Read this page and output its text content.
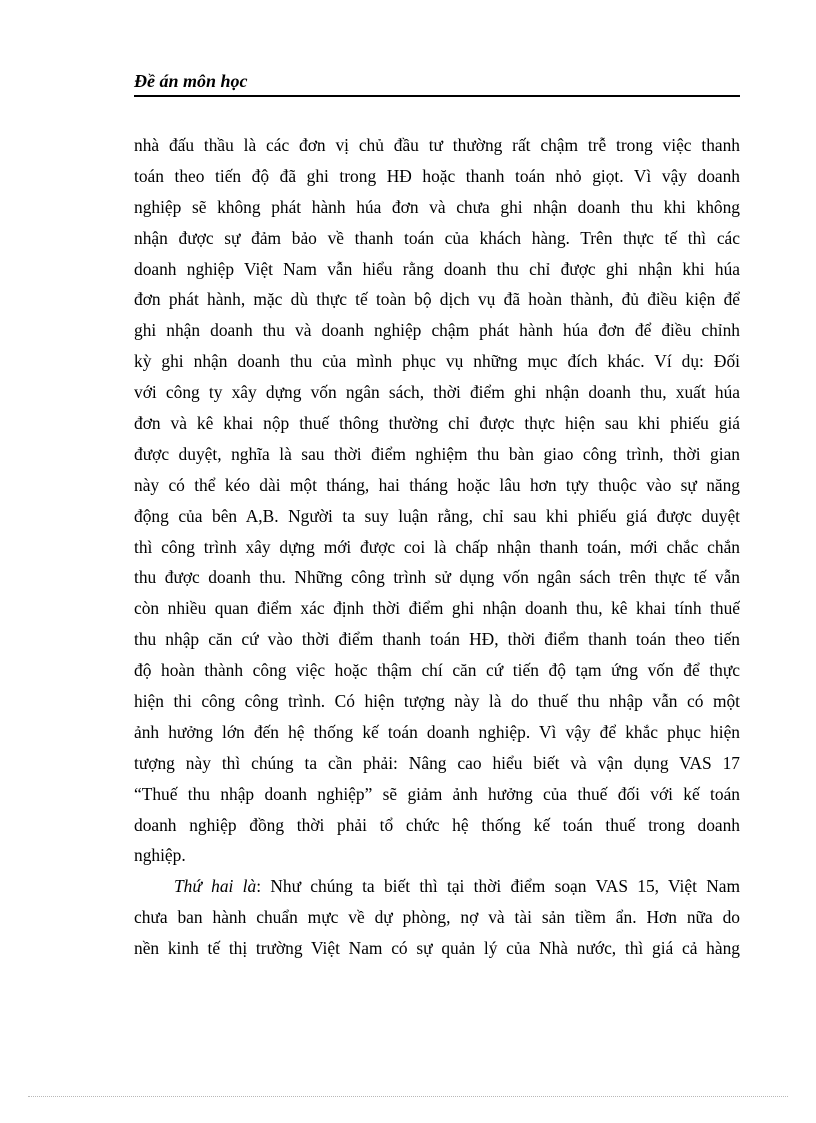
Đề án môn học
nhà đấu thầu là các đơn vị chủ đầu tư thường rất chậm trễ trong việc thanh
toán theo tiến độ đã ghi trong HĐ hoặc thanh toán nhỏ giọt. Vì vậy doanh
nghiệp sẽ không phát hành húa đơn và chưa ghi nhận doanh thu khi không
nhận được sự đảm bảo về thanh toán của khách hàng. Trên thực tế thì các
doanh nghiệp Việt Nam vẫn hiểu rằng doanh thu chỉ được ghi nhận khi húa
đơn phát hành, mặc dù thực tế toàn bộ dịch vụ đã hoàn thành, đủ điều kiện để
ghi nhận doanh thu và doanh nghiệp chậm phát hành húa đơn để điều chỉnh
kỳ ghi nhận doanh thu của mình phục vụ những mục đích khác. Ví dụ: Đối
với công ty xây dựng vốn ngân sách, thời điểm ghi nhận doanh thu, xuất húa
đơn và kê khai nộp thuế thông thường chỉ được thực hiện sau khi phiếu giá
được duyệt, nghĩa là sau thời điểm nghiệm thu bàn giao công trình, thời gian
này có thể kéo dài một tháng, hai tháng hoặc lâu hơn tựy thuộc vào sự năng
động của bên A,B. Người ta suy luận rằng, chỉ sau khi phiếu giá được duyệt
thì công trình xây dựng mới được coi là chấp nhận thanh toán, mới chắc chắn
thu được doanh thu. Những công trình sử dụng vốn ngân sách trên thực tế vẫn
còn nhiều quan điểm xác định thời điểm ghi nhận doanh thu, kê khai tính thuế
thu nhập căn cứ vào thời điểm thanh toán HĐ, thời điểm thanh toán theo tiến
độ hoàn thành công việc hoặc thậm chí căn cứ tiến độ tạm ứng vốn để thực
hiện thi công công trình. Có hiện tượng này là do thuế thu nhập vẫn có một
ảnh hưởng lớn đến hệ thống kế toán doanh nghiệp. Vì vậy để khắc phục hiện
tượng này thì chúng ta cần phải: Nâng cao hiểu biết và vận dụng VAS 17
“Thuế thu nhập doanh nghiệp” sẽ giảm ảnh hưởng của thuế đối với kế toán
doanh nghiệp đồng thời phải tổ chức hệ thống kế toán thuế trong doanh
nghiệp.
Thứ hai là: Như chúng ta biết thì tại thời điểm soạn VAS 15, Việt Nam
chưa ban hành chuẩn mực về dự phòng, nợ và tài sản tiềm ẩn. Hơn nữa do
nền kinh tế thị trường Việt Nam có sự quản lý của Nhà nước, thì giá cả hàng
